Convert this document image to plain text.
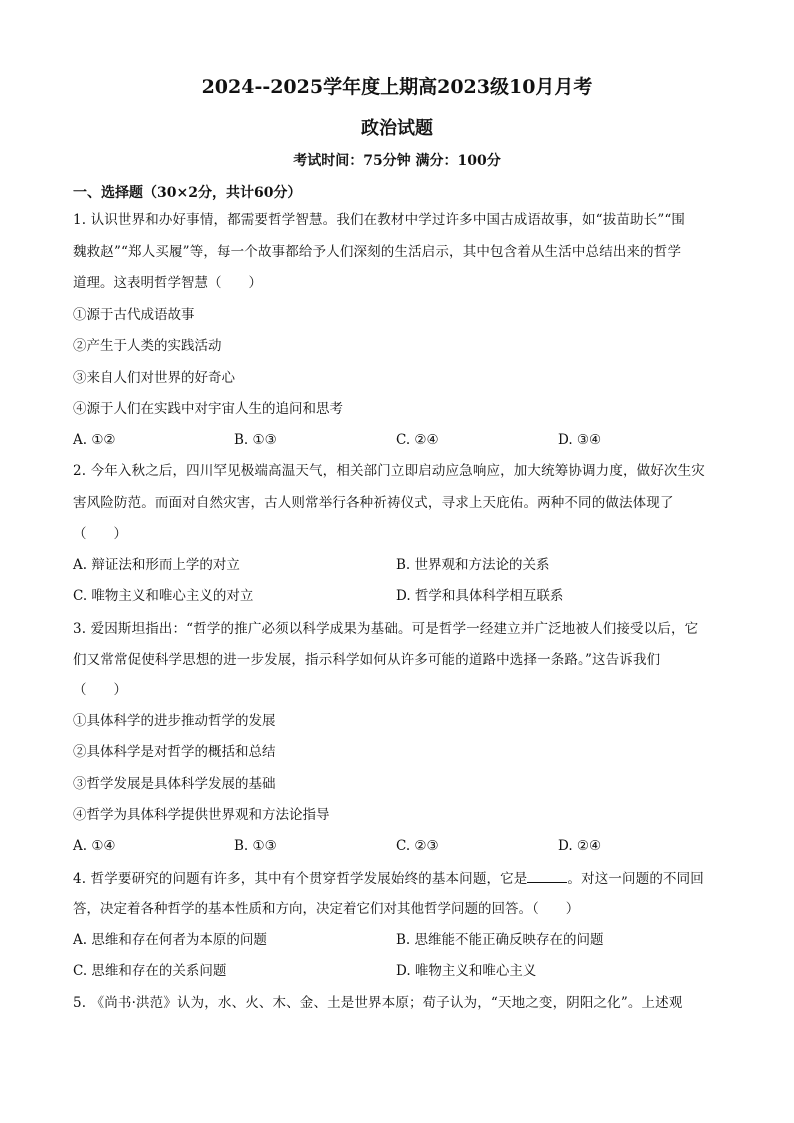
2024--2025学年度上期高2023级10月月考
政治试题
考试时间：75分钟 满分：100分
一、选择题（30×2分，共计60分）
1. 认识世界和办好事情，都需要哲学智慧。我们在教材中学过许多中国古成语故事，如“拔苗助长”“围
魏救赵”“郑人买履”等，每一个故事都给予人们深刻的生活启示，其中包含着从生活中总结出来的哲学
道理。这表明哲学智慧（　　）
①源于古代成语故事
②产生于人类的实践活动
③来自人们对世界的好奇心
④源于人们在实践中对宇宙人生的追问和思考
A. ①②	B. ①③	C. ②④	D. ③④
2. 今年入秋之后，四川罕见极端高温天气，相关部门立即启动应急响应，加大统筹协调力度，做好次生灾
害风险防范。而面对自然灾害，古人则常举行各种祈祷仪式，寻求上天庇佑。两种不同的做法体现了
（　　）
A. 辩证法和形而上学的对立	B. 世界观和方法论的关系
C. 唯物主义和唯心主义的对立	D. 哲学和具体科学相互联系
3. 爱因斯坦指出：“哲学的推广必须以科学成果为基础。可是哲学一经建立并广泛地被人们接受以后，它
们又常常促使科学思想的进一步发展，指示科学如何从许多可能的道路中选择一条路。”这告诉我们
（　　）
①具体科学的进步推动哲学的发展
②具体科学是对哲学的概括和总结
③哲学发展是具体科学发展的基础
④哲学为具体科学提供世界观和方法论指导
A. ①④	B. ①③	C. ②③	D. ②④
4. 哲学要研究的问题有许多，其中有个贯穿哲学发展始终的基本问题，它是	。对这一问题的不同回
答，决定着各种哲学的基本性质和方向，决定着它们对其他哲学问题的回答。（　　）
A. 思维和存在何者为本原的问题	B. 思维能不能正确反映存在的问题
C. 思维和存在的关系问题	D. 唯物主义和唯心主义
5. 《尚书·洪范》认为，水、火、木、金、土是世界本原；荀子认为，“天地之变，阴阳之化”。上述观
